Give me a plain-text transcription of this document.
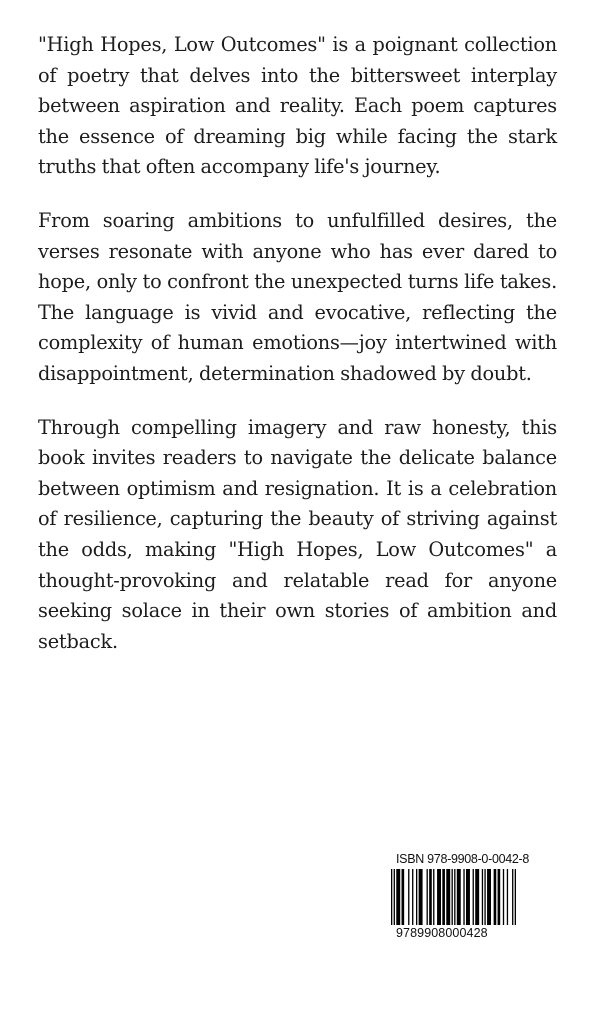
"High Hopes, Low Outcomes" is a poignant collection of poetry that delves into the bittersweet interplay between aspiration and reality. Each poem captures the essence of dreaming big while facing the stark truths that often accompany life's journey.

From soaring ambitions to unfulfilled desires, the verses resonate with anyone who has ever dared to hope, only to confront the unexpected turns life takes. The language is vivid and evocative, reflecting the complexity of human emotions—joy intertwined with disappointment, determination shadowed by doubt.

Through compelling imagery and raw honesty, this book invites readers to navigate the delicate balance between optimism and resignation. It is a celebration of resilience, capturing the beauty of striving against the odds, making "High Hopes, Low Outcomes" a thought-provoking and relatable read for anyone seeking solace in their own stories of ambition and setback.

ISBN 978-9908-0-0042-8
9789908000428
